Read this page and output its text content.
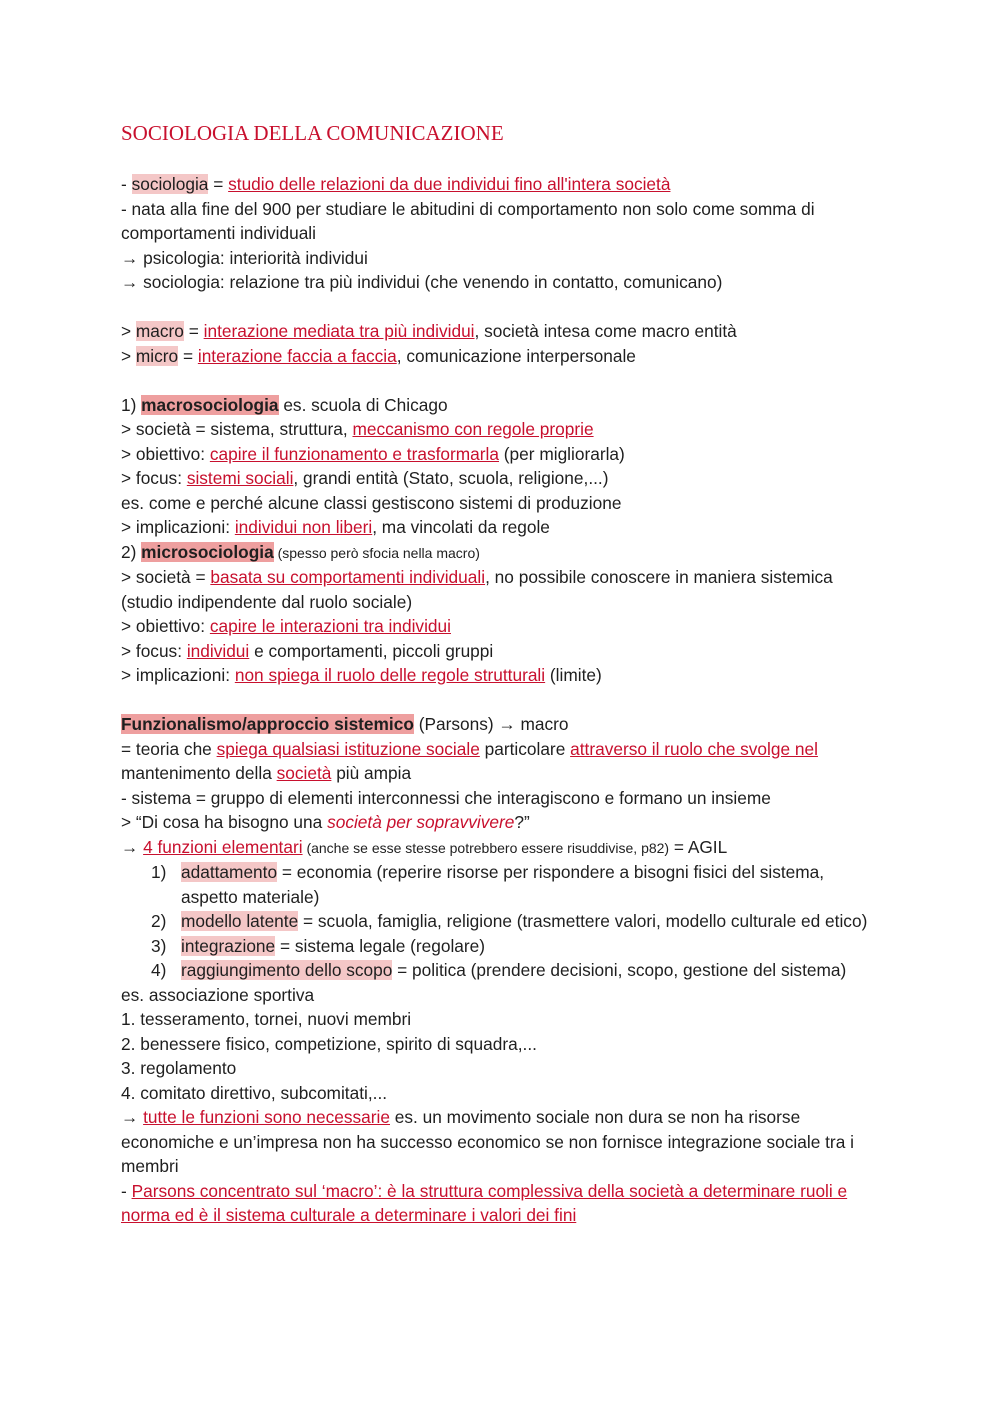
SOCIOLOGIA DELLA COMUNICAZIONE
- sociologia = studio delle relazioni da due individui fino all'intera società
- nata alla fine del 900 per studiare le abitudini di comportamento non solo come somma di comportamenti individuali
→ psicologia: interiorità individui
→ sociologia: relazione tra più individui (che venendo in contatto, comunicano)
> macro = interazione mediata tra più individui, società intesa come macro entità
> micro = interazione faccia a faccia, comunicazione interpersonale
1) macrosociologia es. scuola di Chicago
> società = sistema, struttura, meccanismo con regole proprie
> obiettivo: capire il funzionamento e trasformarla (per migliorarla)
> focus: sistemi sociali, grandi entità (Stato, scuola, religione,...)
es. come e perché alcune classi gestiscono sistemi di produzione
> implicazioni: individui non liberi, ma vincolati da regole
2) microsociologia (spesso però sfocia nella macro)
> società = basata su comportamenti individuali, no possibile conoscere in maniera sistemica (studio indipendente dal ruolo sociale)
> obiettivo: capire le interazioni tra individui
> focus: individui e comportamenti, piccoli gruppi
> implicazioni: non spiega il ruolo delle regole strutturali (limite)
Funzionalismo/approccio sistemico (Parsons) → macro
= teoria che spiega qualsiasi istituzione sociale particolare attraverso il ruolo che svolge nel
mantenimento della società più ampia
- sistema = gruppo di elementi interconnessi che interagiscono e formano un insieme
> “Di cosa ha bisogno una società per sopravvivere?”
→ 4 funzioni elementari (anche se esse stesse potrebbero essere risuddivise, p82) = AGIL
1) adattamento = economia (reperire risorse per rispondere a bisogni fisici del sistema, aspetto materiale)
2) modello latente = scuola, famiglia, religione (trasmettere valori, modello culturale ed etico)
3) integrazione = sistema legale (regolare)
4) raggiungimento dello scopo = politica (prendere decisioni, scopo, gestione del sistema)
es. associazione sportiva
1. tesseramento, tornei, nuovi membri
2. benessere fisico, competizione, spirito di squadra,...
3. regolamento
4. comitato direttivo, subcomitati,...
→ tutte le funzioni sono necessarie es. un movimento sociale non dura se non ha risorse economiche e un’impresa non ha successo economico se non fornisce integrazione sociale tra i membri
- Parsons concentrato sul ‘macro’: è la struttura complessiva della società a determinare ruoli e norma ed è il sistema culturale a determinare i valori dei fini
